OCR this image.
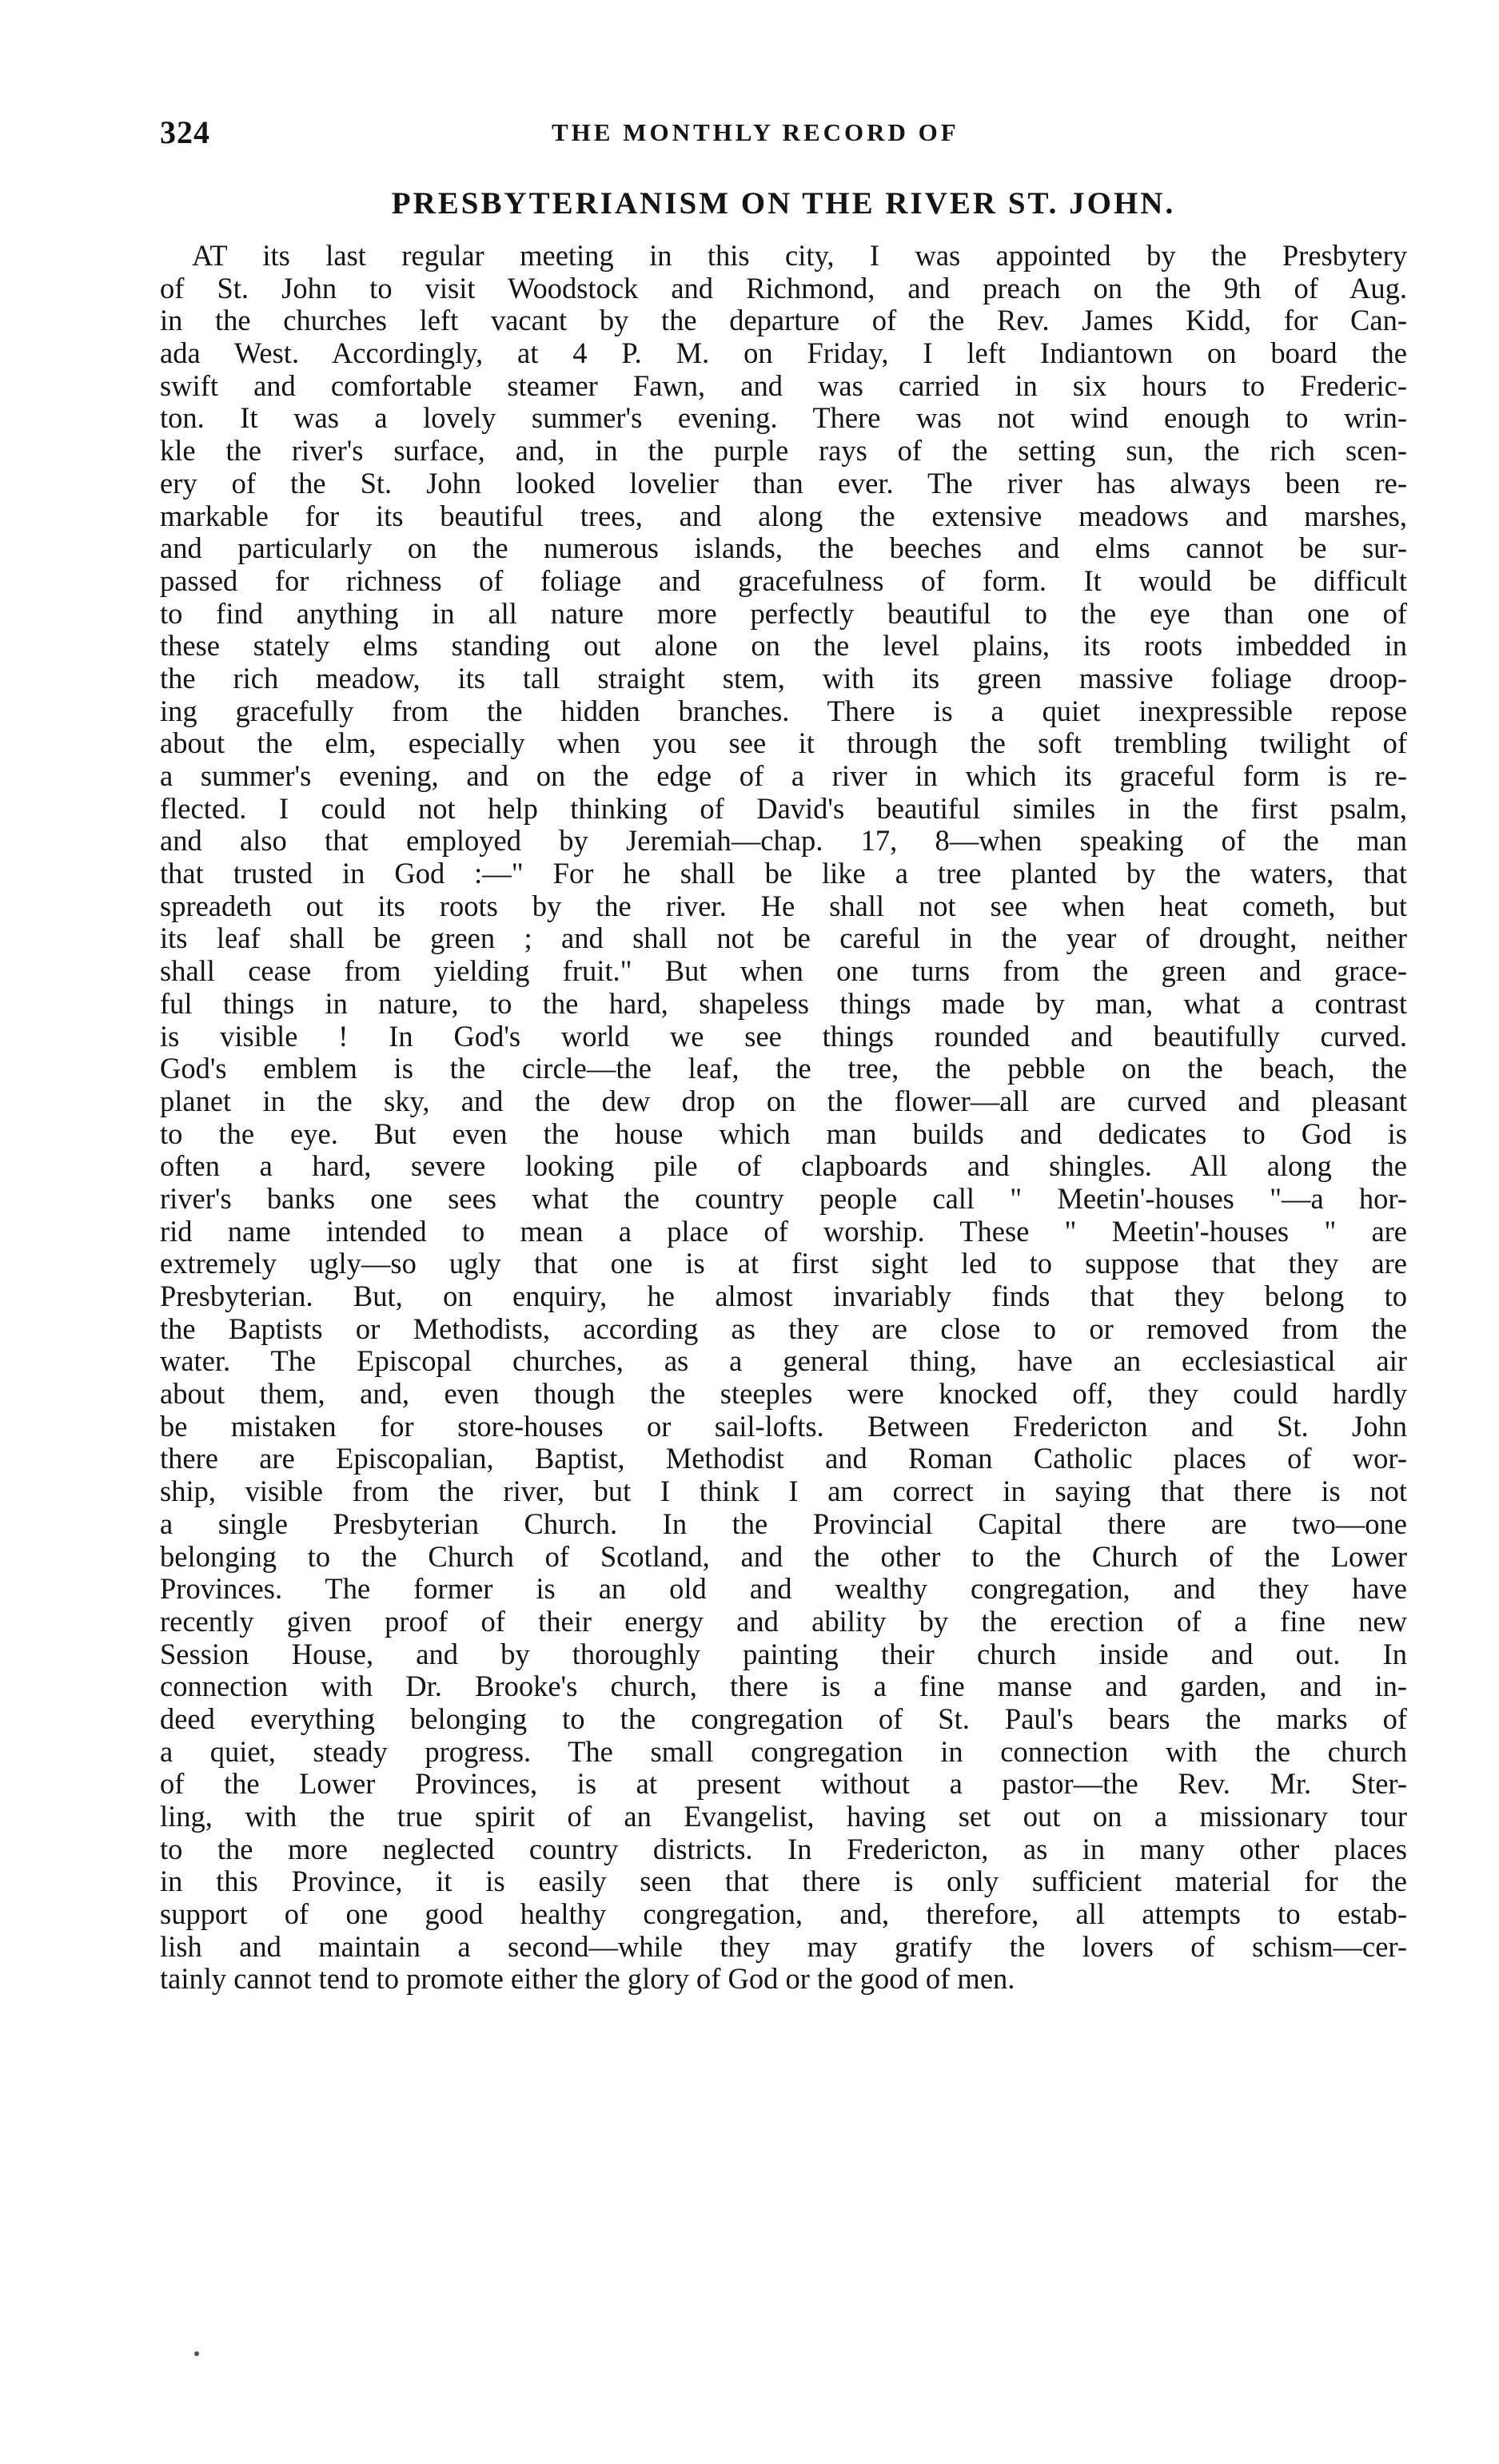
324	THE MONTHLY RECORD OF
PRESBYTERIANISM ON THE RIVER ST. JOHN.
AT its last regular meeting in this city, I was appointed by the Presbytery
of St. John to visit Woodstock and Richmond, and preach on the 9th of Aug.
in the churches left vacant by the departure of the Rev. James Kidd, for Can-
ada West. Accordingly, at 4 P. M. on Friday, I left Indiantown on board the
swift and comfortable steamer Fawn, and was carried in six hours to Frederic-
ton. It was a lovely summer's evening. There was not wind enough to wrin-
kle the river's surface, and, in the purple rays of the setting sun, the rich scen-
ery of the St. John looked lovelier than ever. The river has always been re-
markable for its beautiful trees, and along the extensive meadows and marshes,
and particularly on the numerous islands, the beeches and elms cannot be sur-
passed for richness of foliage and gracefulness of form. It would be difficult
to find anything in all nature more perfectly beautiful to the eye than one of
these stately elms standing out alone on the level plains, its roots imbedded in
the rich meadow, its tall straight stem, with its green massive foliage droop-
ing gracefully from the hidden branches. There is a quiet inexpressible repose
about the elm, especially when you see it through the soft trembling twilight of
a summer's evening, and on the edge of a river in which its graceful form is re-
flected. I could not help thinking of David's beautiful similes in the first psalm,
and also that employed by Jeremiah—chap. 17, 8—when speaking of the man
that trusted in God :—" For he shall be like a tree planted by the waters, that
spreadeth out its roots by the river. He shall not see when heat cometh, but
its leaf shall be green ; and shall not be careful in the year of drought, neither
shall cease from yielding fruit." But when one turns from the green and grace-
ful things in nature, to the hard, shapeless things made by man, what a contrast
is visible ! In God's world we see things rounded and beautifully curved.
God's emblem is the circle—the leaf, the tree, the pebble on the beach, the
planet in the sky, and the dew drop on the flower—all are curved and pleasant
to the eye. But even the house which man builds and dedicates to God is
often a hard, severe looking pile of clapboards and shingles. All along the
river's banks one sees what the country people call " Meetin'-houses "—a hor-
rid name intended to mean a place of worship. These " Meetin'-houses " are
extremely ugly—so ugly that one is at first sight led to suppose that they are
Presbyterian. But, on enquiry, he almost invariably finds that they belong to
the Baptists or Methodists, according as they are close to or removed from the
water. The Episcopal churches, as a general thing, have an ecclesiastical air
about them, and, even though the steeples were knocked off, they could hardly
be mistaken for store-houses or sail-lofts. Between Fredericton and St. John
there are Episcopalian, Baptist, Methodist and Roman Catholic places of wor-
ship, visible from the river, but I think I am correct in saying that there is not
a single Presbyterian Church. In the Provincial Capital there are two—one
belonging to the Church of Scotland, and the other to the Church of the Lower
Provinces. The former is an old and wealthy congregation, and they have
recently given proof of their energy and ability by the erection of a fine new
Session House, and by thoroughly painting their church inside and out. In
connection with Dr. Brooke's church, there is a fine manse and garden, and in-
deed everything belonging to the congregation of St. Paul's bears the marks of
a quiet, steady progress. The small congregation in connection with the church
of the Lower Provinces, is at present without a pastor—the Rev. Mr. Ster-
ling, with the true spirit of an Evangelist, having set out on a missionary tour
to the more neglected country districts. In Fredericton, as in many other places
in this Province, it is easily seen that there is only sufficient material for the
support of one good healthy congregation, and, therefore, all attempts to estab-
lish and maintain a second—while they may gratify the lovers of schism—cer-
tainly cannot tend to promote either the glory of God or the good of men.
